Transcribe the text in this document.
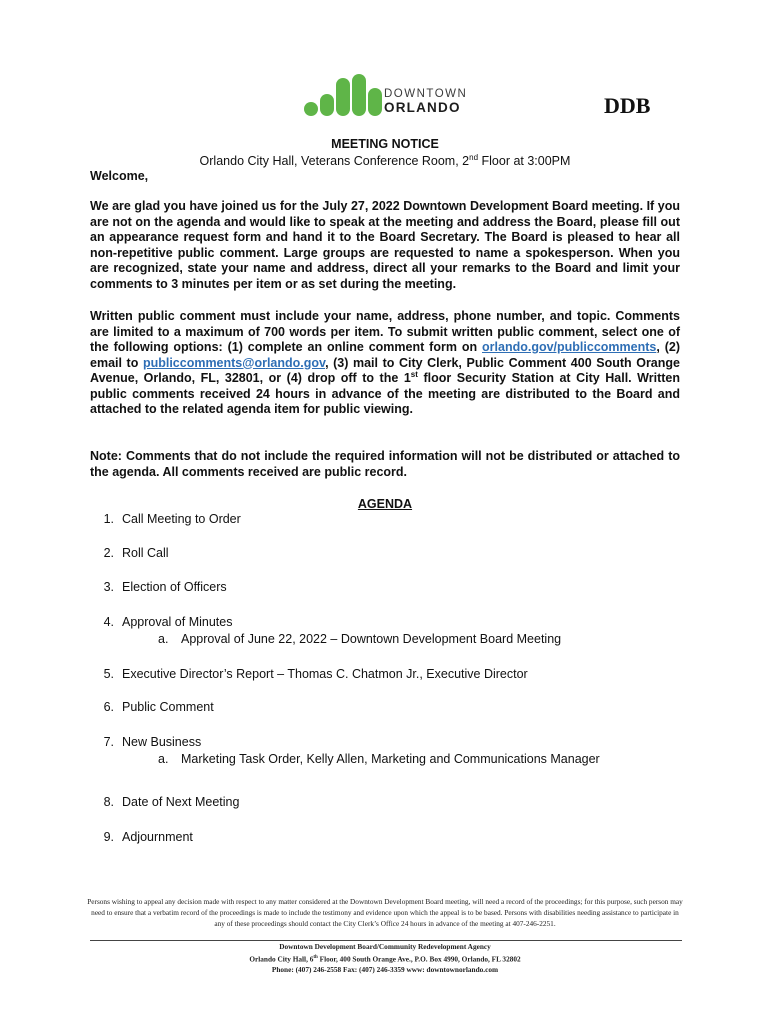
DOWNTOWN
ORLANDO	DDB
MEETING NOTICE
Orlando City Hall, Veterans Conference Room, 2nd Floor at 3:00PM
Welcome,
We are glad you have joined us for the July 27, 2022 Downtown Development Board meeting. If you are not on the agenda and would like to speak at the meeting and address the Board, please fill out an appearance request form and hand it to the Board Secretary. The Board is pleased to hear all non-repetitive public comment. Large groups are requested to name a spokesperson. When you are recognized, state your name and address, direct all your remarks to the Board and limit your comments to 3 minutes per item or as set during the meeting.
Written public comment must include your name, address, phone number, and topic. Comments are limited to a maximum of 700 words per item. To submit written public comment, select one of the following options: (1) complete an online comment form on orlando.gov/publiccomments, (2) email to publiccomments@orlando.gov, (3) mail to City Clerk, Public Comment 400 South Orange Avenue, Orlando, FL, 32801, or (4) drop off to the 1st floor Security Station at City Hall. Written public comments received 24 hours in advance of the meeting are distributed to the Board and attached to the related agenda item for public viewing.
Note: Comments that do not include the required information will not be distributed or attached to the agenda. All comments received are public record.
AGENDA
1. Call Meeting to Order
2. Roll Call
3. Election of Officers
4. Approval of Minutes
a. Approval of June 22, 2022 – Downtown Development Board Meeting
5. Executive Director’s Report – Thomas C. Chatmon Jr., Executive Director
6. Public Comment
7. New Business
a. Marketing Task Order, Kelly Allen, Marketing and Communications Manager
8. Date of Next Meeting
9. Adjournment
Persons wishing to appeal any decision made with respect to any matter considered at the Downtown Development Board meeting, will need a record of the proceedings; for this purpose, such person may need to ensure that a verbatim record of the proceedings is made to include the testimony and evidence upon which the appeal is to be based. Persons with disabilities needing assistance to participate in any of these proceedings should contact the City Clerk’s Office 24 hours in advance of the meeting at 407-246-2251.
Downtown Development Board/Community Redevelopment Agency
Orlando City Hall, 6th Floor, 400 South Orange Ave., P.O. Box 4990, Orlando, FL 32802
Phone: (407) 246-2558 Fax: (407) 246-3359 www: downtownorlando.com
